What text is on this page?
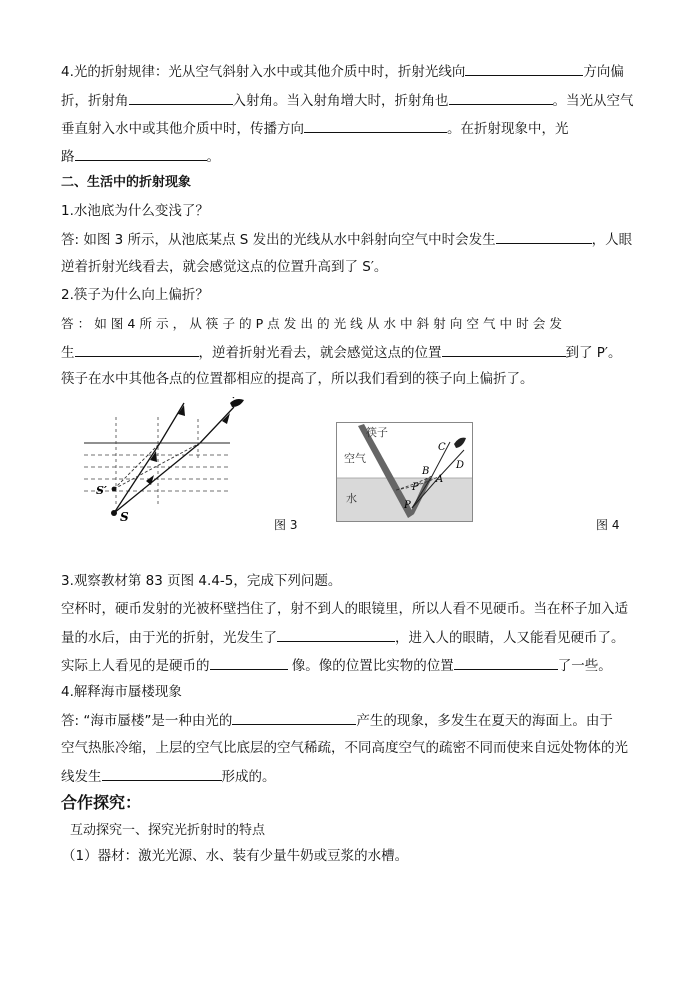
4.光的折射规律：光从空气斜射入水中或其他介质中时，折射光线向	方向偏
折，折射角	入射角。当入射角增大时，折射角也	。当光从空气
垂直射入水中或其他介质中时，传播方向	。在折射现象中，光
路	。
二、生活中的折射现象
1.水池底为什么变浅了？
答: 如图 3 所示，从池底某点 S 发出的光线从水中斜射向空气中时会发生	，人眼
逆着折射光线看去，就会感觉这点的位置升高到了 S′。
2.筷子为什么向上偏折？
答 ： 如 图 4 所 示 ， 从 筷 子 的 P 点 发 出 的 光 线 从 水 中 斜 射 向 空 气 中 时 会 发
生	，逆着折射光看去，就会感觉这点的位置	到了 P′。
筷子在水中其他各点的位置都相应的提高了，所以我们看到的筷子向上偏折了。
S
S′
图 3
筷子
空气
水
A
B
C
D
P
P′
图 4
3.观察教材第 83 页图 4.4-5，完成下列问题。
空杯时，硬币发射的光被杯壁挡住了，射不到人的眼镜里，所以人看不见硬币。当在杯子加入适
量的水后，由于光的折射，光发生了	，进入人的眼睛，人又能看见硬币了。
实际上人看见的是硬币的	像。像的位置比实物的位置	了一些。
4.解释海市蜃楼现象
答: “海市蜃楼”是一种由光的	产生的现象，多发生在夏天的海面上。由于
空气热胀冷缩，上层的空气比底层的空气稀疏，不同高度空气的疏密不同而使来自远处物体的光
线发生	形成的。
合作探究：
互动探究一、探究光折射时的特点
（1）器材：激光光源、水、装有少量牛奶或豆浆的水槽。
